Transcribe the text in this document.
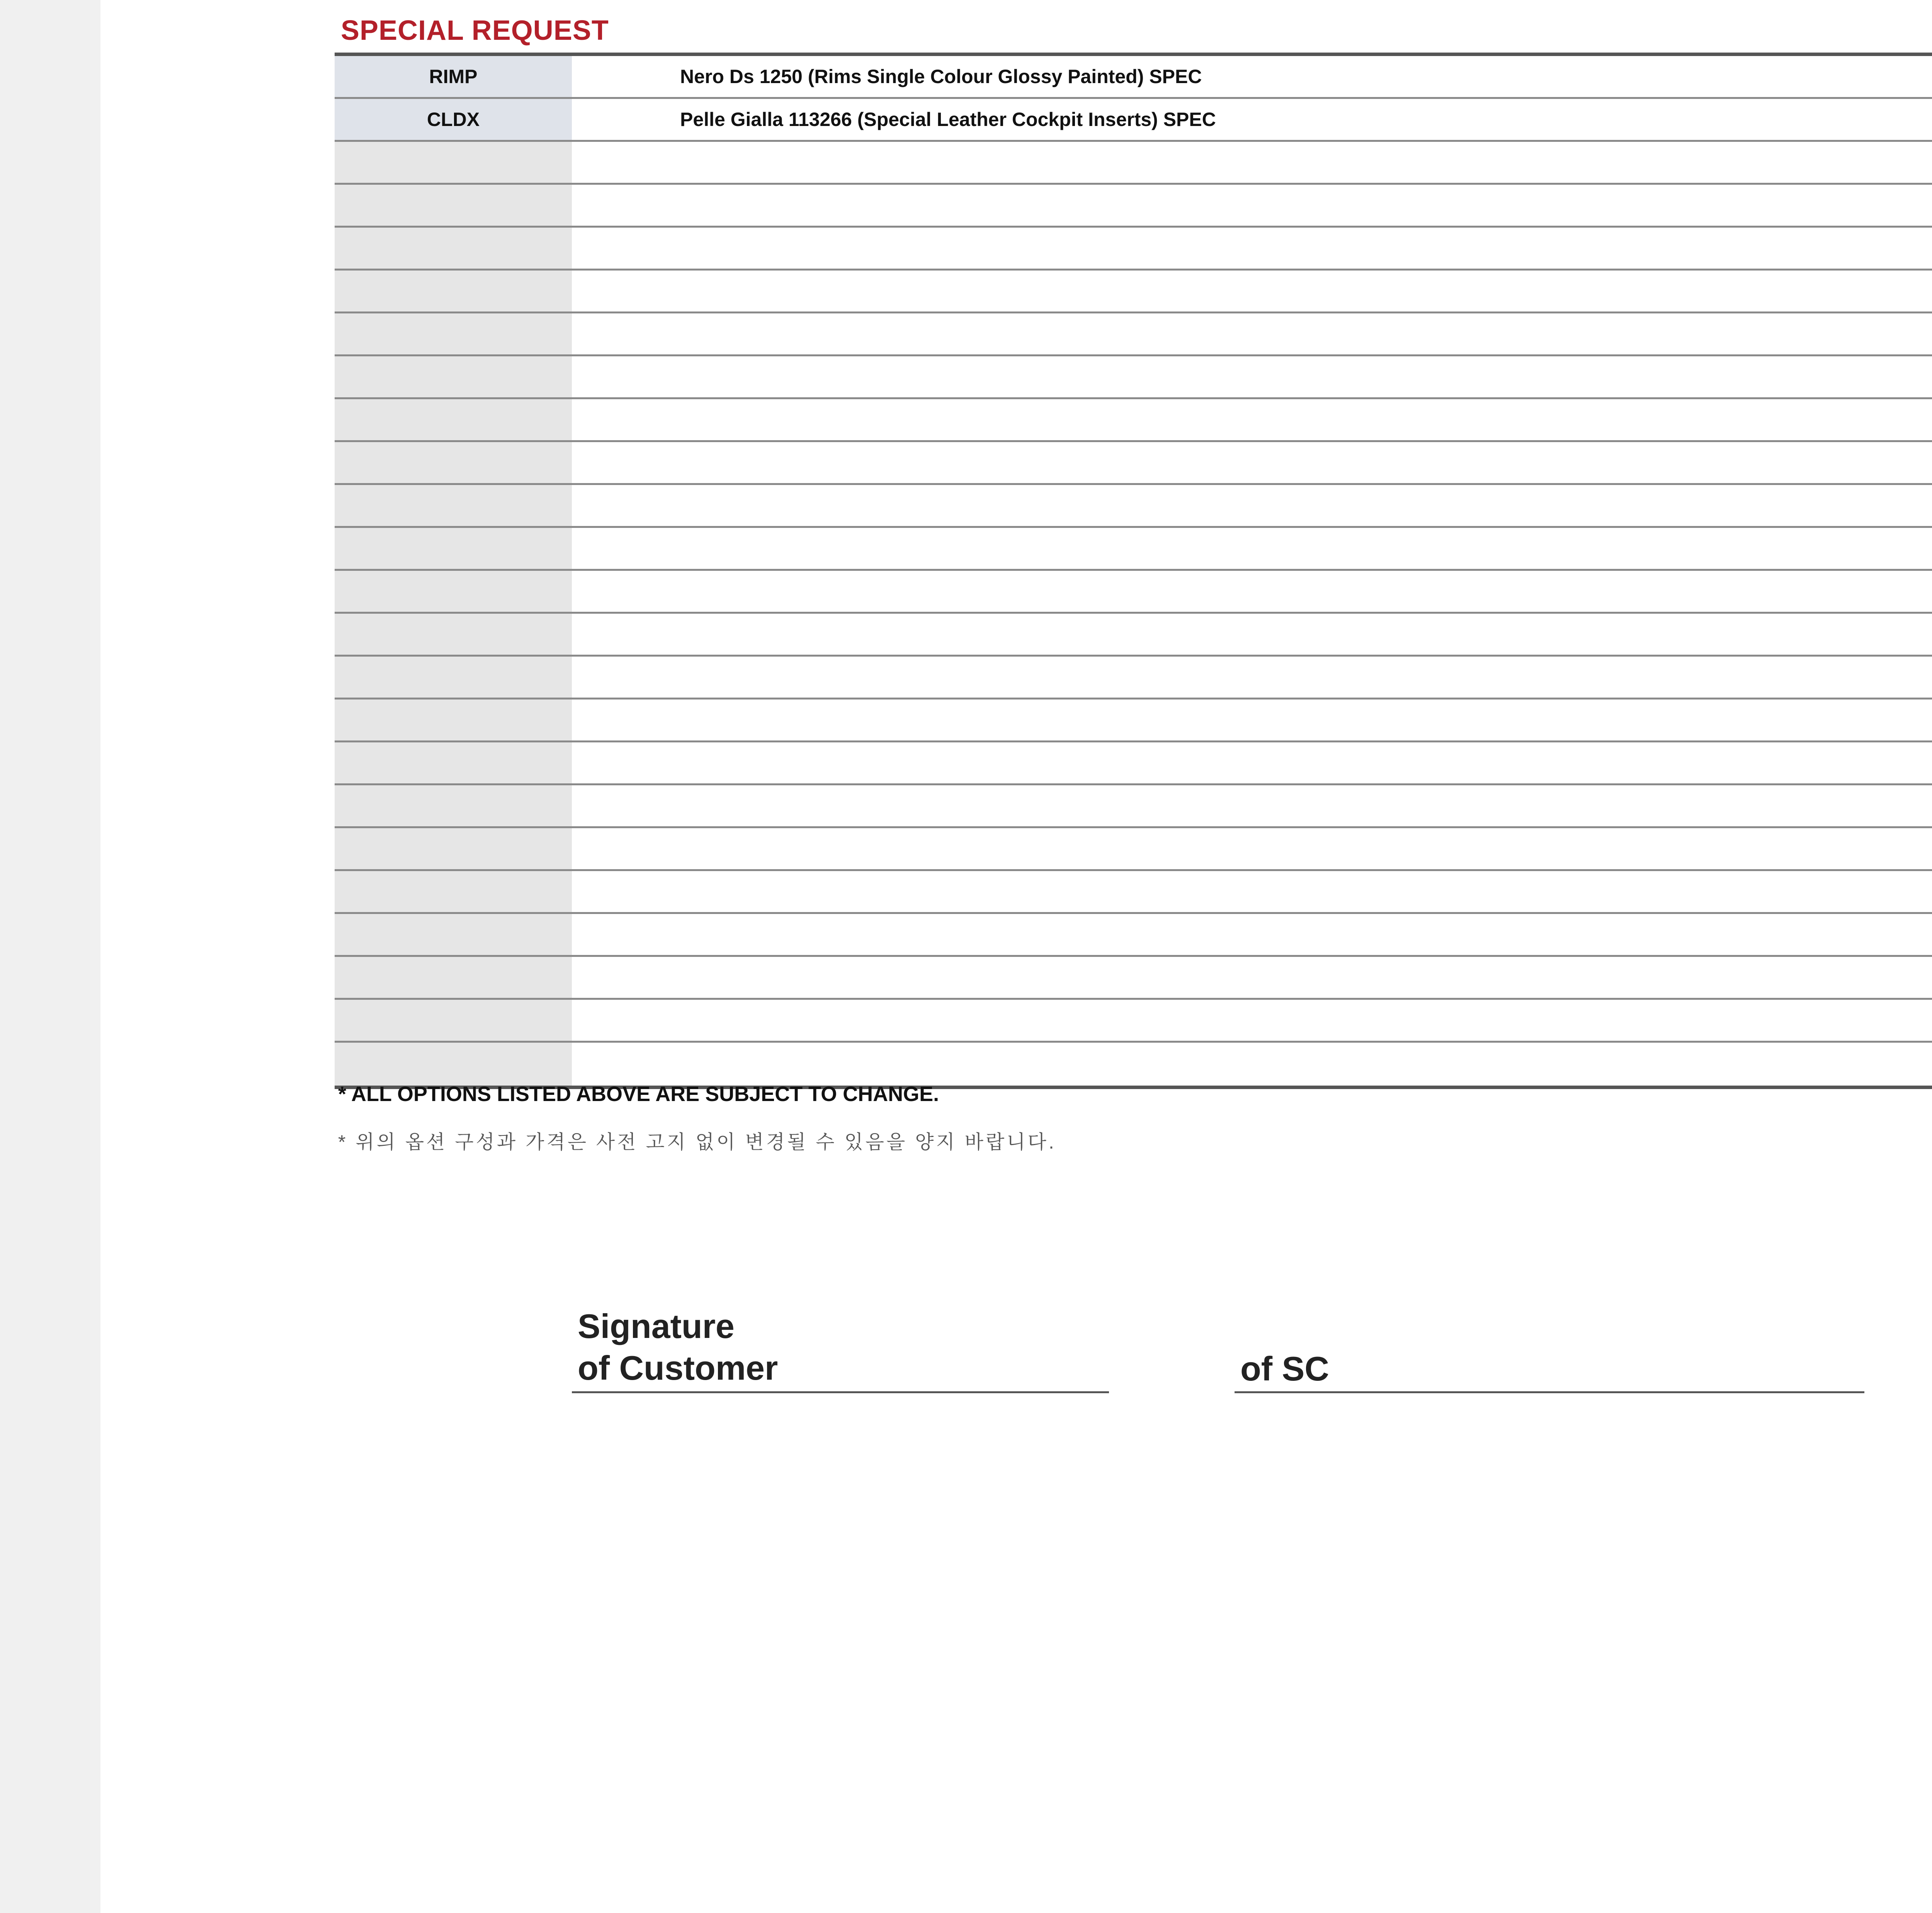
SPECIAL REQUEST
RIMP	Nero Ds 1250 (Rims Single Colour Glossy Painted) SPEC
CLDX	Pelle Gialla 113266 (Special Leather Cockpit Inserts) SPEC
* ALL OPTIONS LISTED ABOVE ARE SUBJECT TO CHANGE.
* 위의 옵션 구성과 가격은 사전 고지 없이 변경될 수 있음을 양지 바랍니다.
Signature
of Customer	of SC
